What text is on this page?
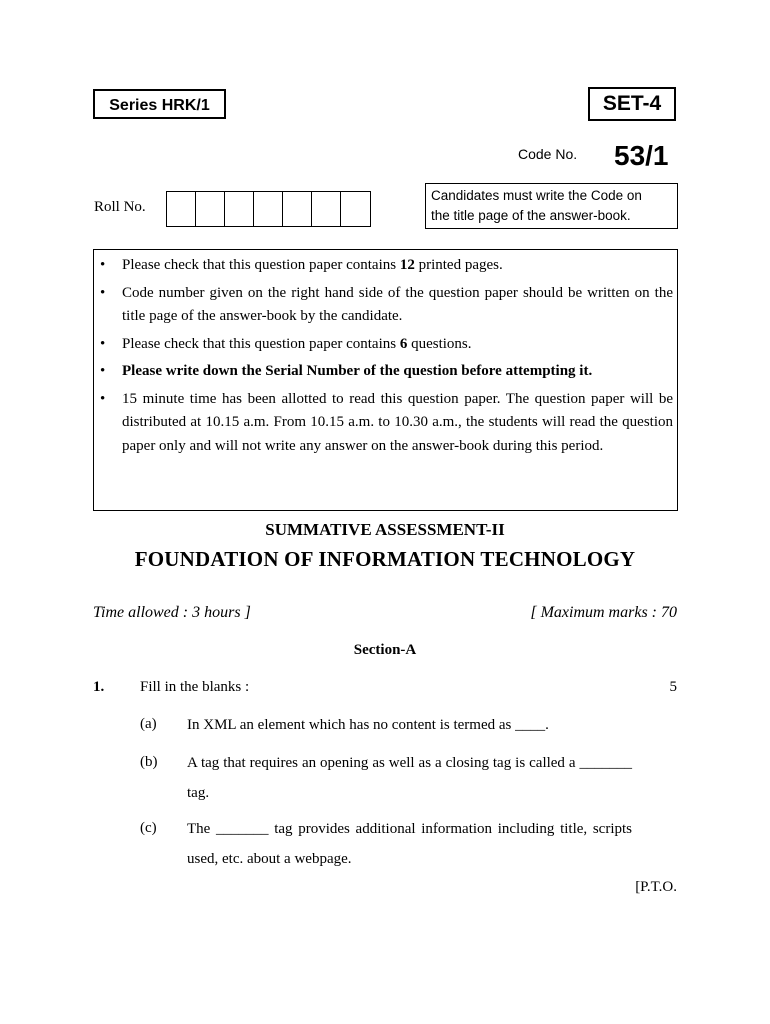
Series HRK/1	SET-4
Code No. 53/1
Roll No.
Candidates must write the Code on
the title page of the answer-book.
• Please check that this question paper contains 12 printed pages.
• Code number given on the right hand side of the question paper should be written on the title page of the answer-book by the candidate.
• Please check that this question paper contains 6 questions.
• Please write down the Serial Number of the question before attempting it.
• 15 minute time has been allotted to read this question paper. The question paper will be distributed at 10.15 a.m. From 10.15 a.m. to 10.30 a.m., the students will read the question paper only and will not write any answer on the answer-book during this period.
SUMMATIVE ASSESSMENT-II
FOUNDATION OF INFORMATION TECHNOLOGY
Time allowed : 3 hours ]	[ Maximum marks : 70
Section-A
1. Fill in the blanks :	5
(a) In XML an element which has no content is termed as ____.
(b) A tag that requires an opening as well as a closing tag is called a _______ tag.
(c) The _______ tag provides additional information including title, scripts used, etc. about a webpage.
[P.T.O.
